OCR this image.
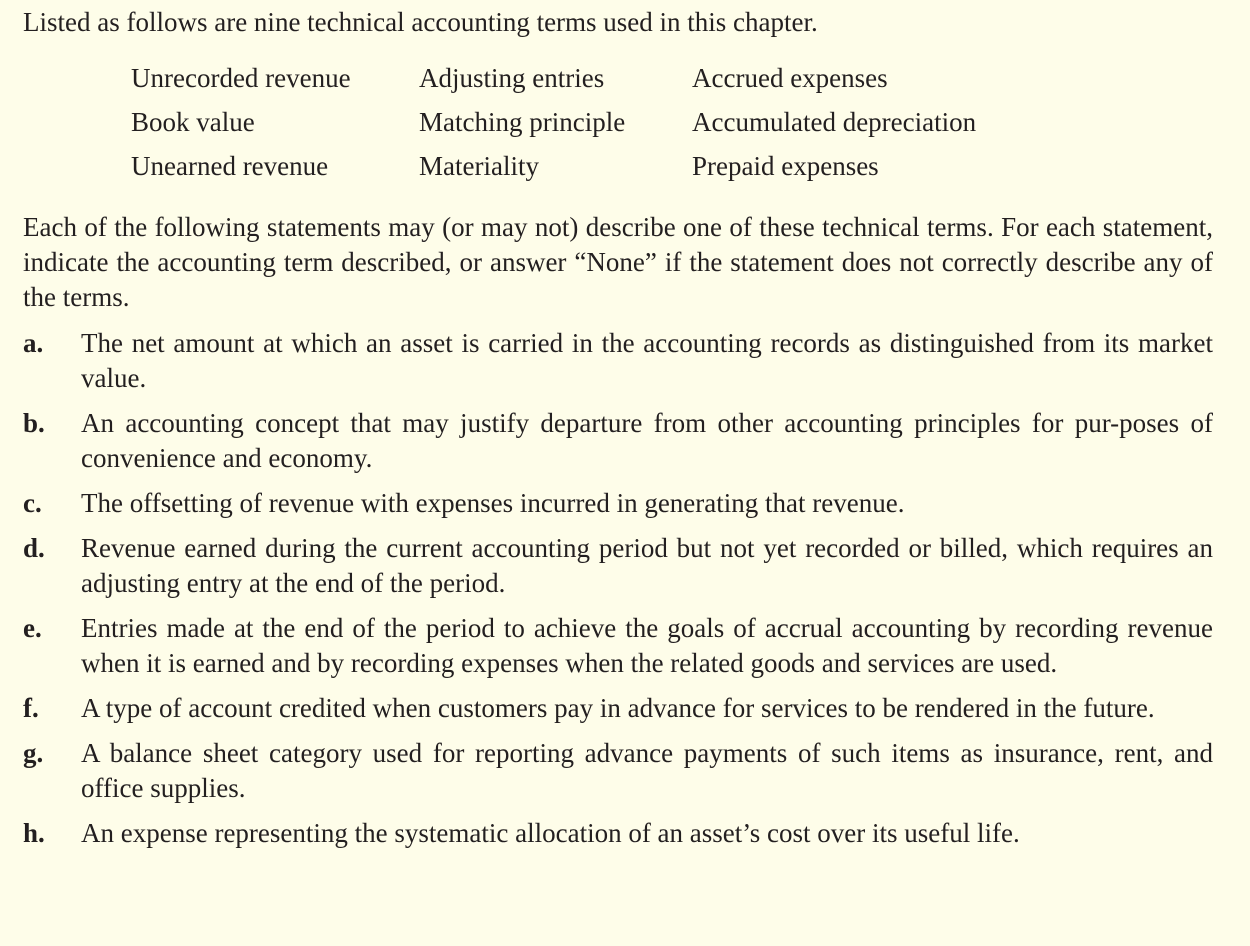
Listed as follows are nine technical accounting terms used in this chapter.

Unrecorded revenue	Adjusting entries	Accrued expenses
Book value	Matching principle	Accumulated depreciation
Unearned revenue	Materiality	Prepaid expenses

Each of the following statements may (or may not) describe one of these technical terms. For each statement, indicate the accounting term described, or answer “None” if the statement does not correctly describe any of the terms.

a.	The net amount at which an asset is carried in the accounting records as distinguished from its market value.
b.	An accounting concept that may justify departure from other accounting principles for pur-poses of convenience and economy.
c.	The offsetting of revenue with expenses incurred in generating that revenue.
d.	Revenue earned during the current accounting period but not yet recorded or billed, which requires an adjusting entry at the end of the period.
e.	Entries made at the end of the period to achieve the goals of accrual accounting by recording revenue when it is earned and by recording expenses when the related goods and services are used.
f.	A type of account credited when customers pay in advance for services to be rendered in the future.
g.	A balance sheet category used for reporting advance payments of such items as insurance, rent, and office supplies.
h.	An expense representing the systematic allocation of an asset’s cost over its useful life.
